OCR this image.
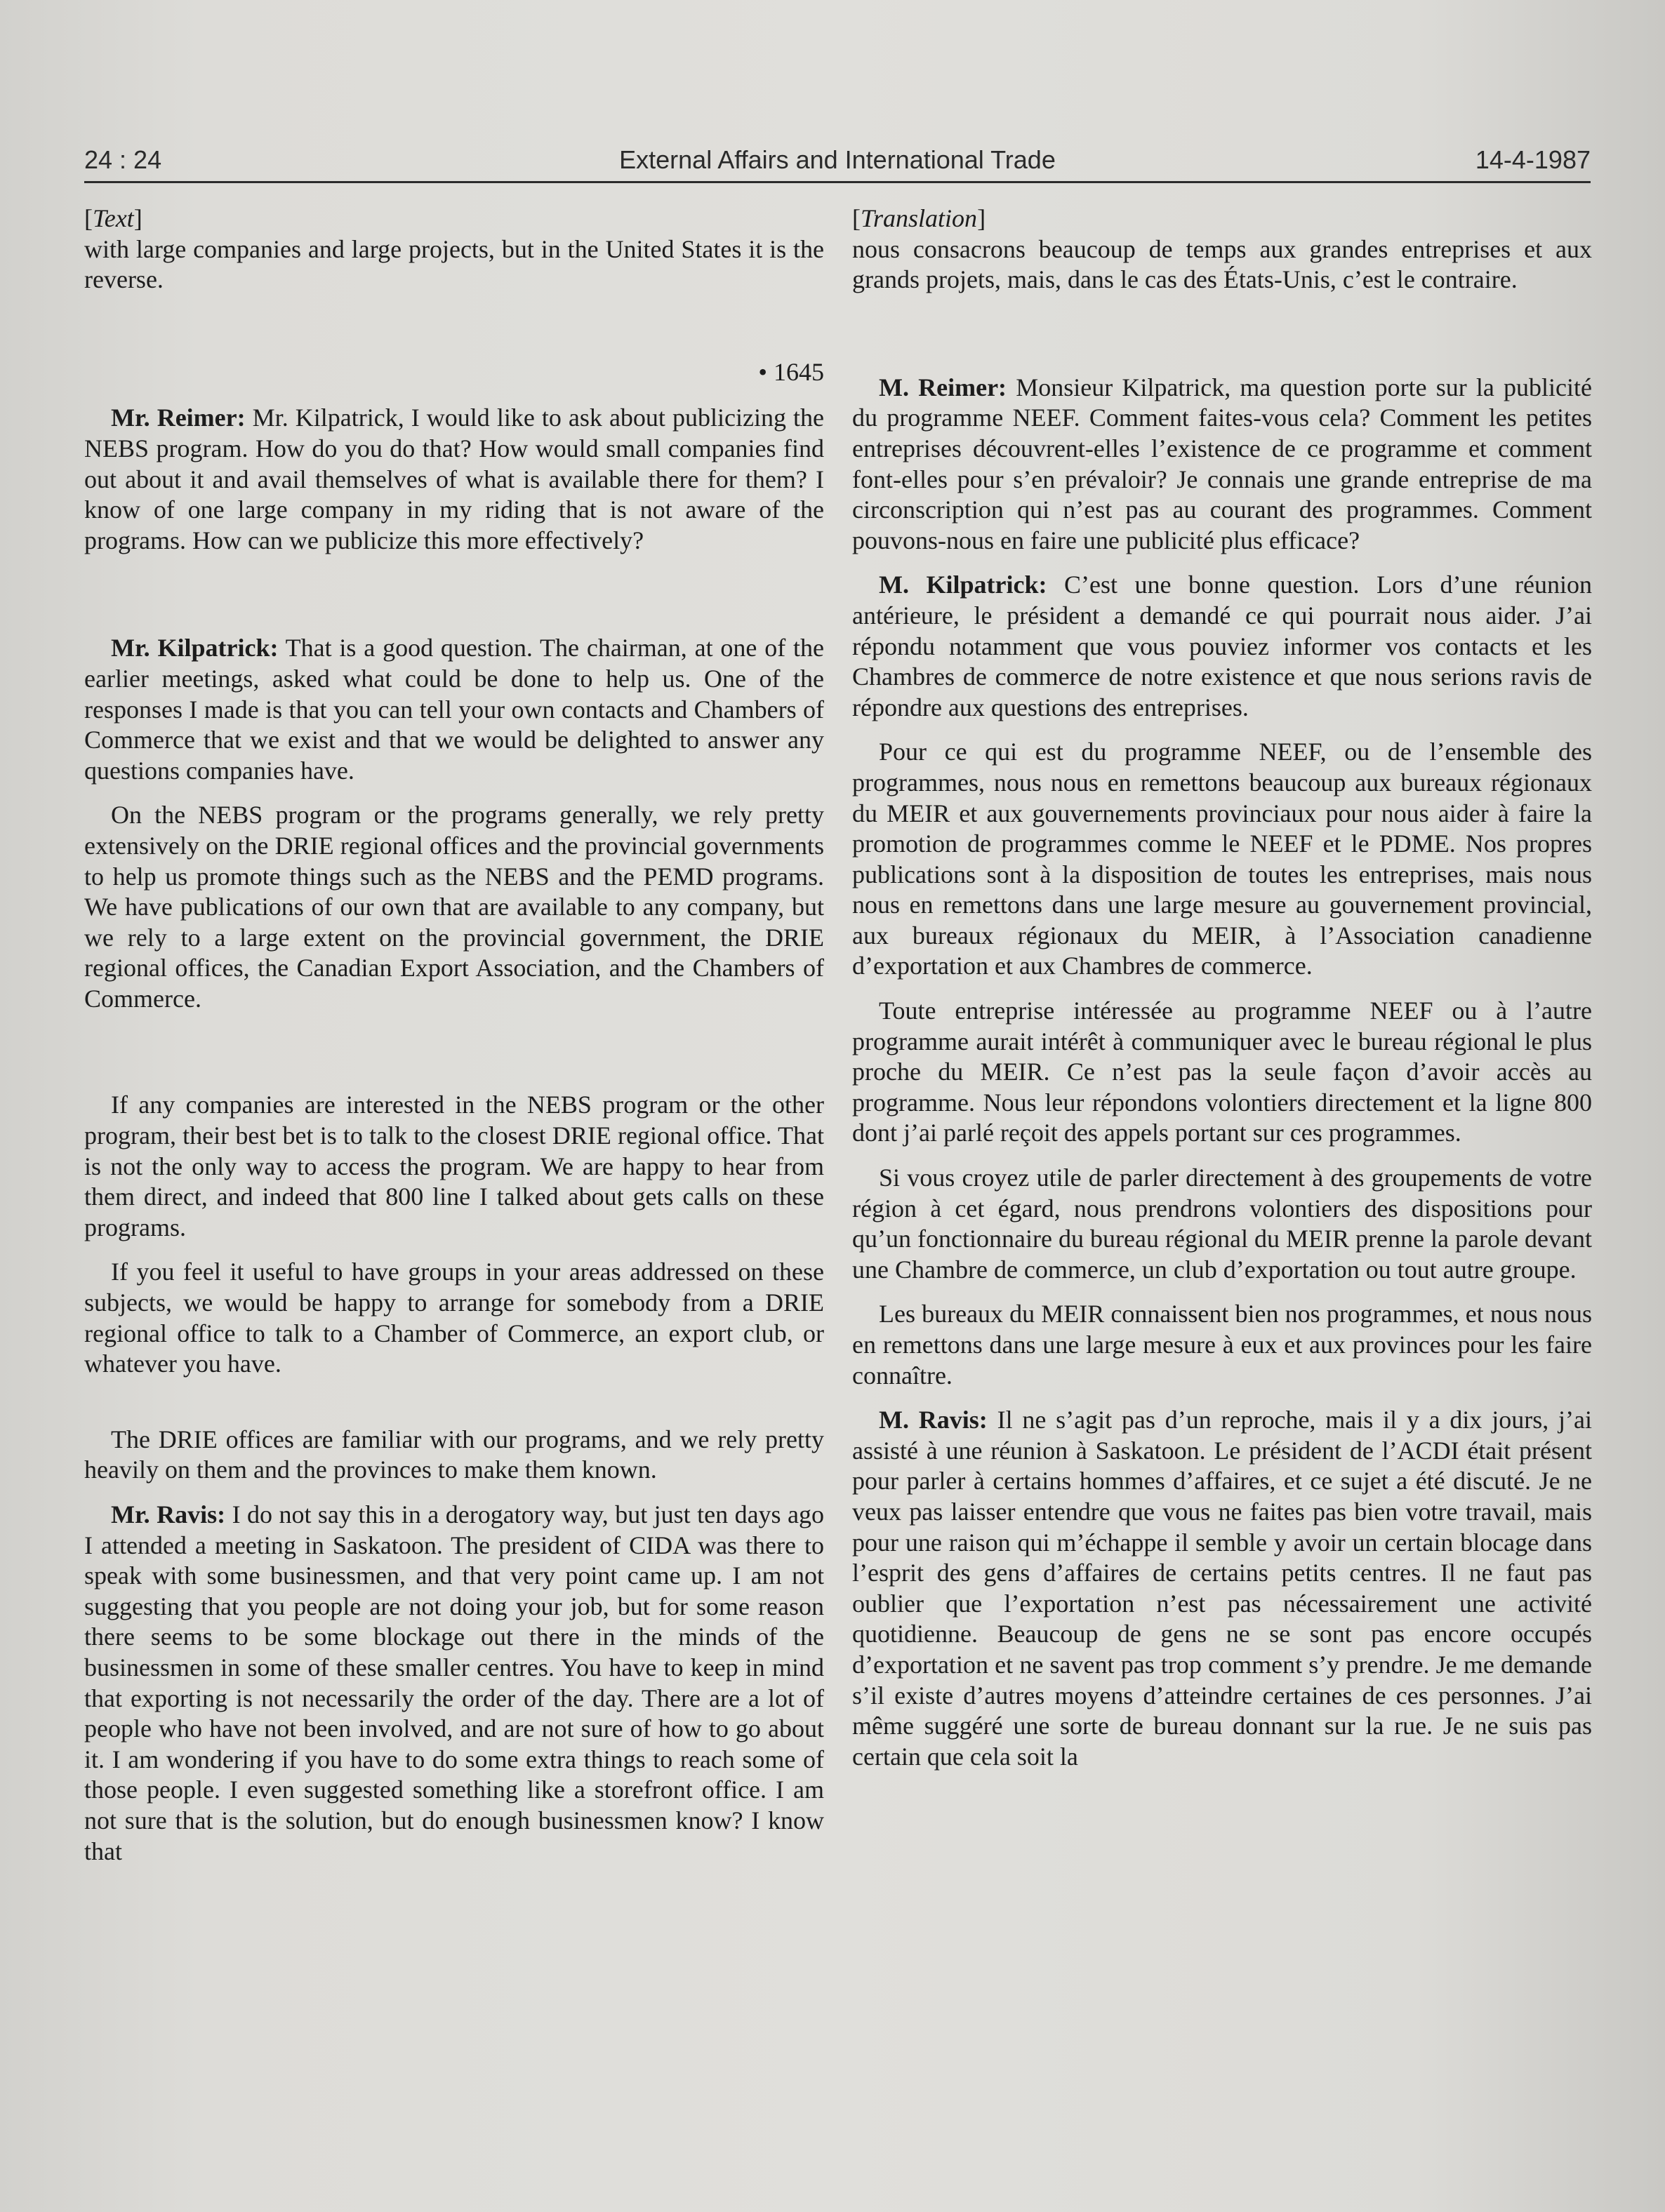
24 : 24	External Affairs and International Trade	14-4-1987

[Text]

with large companies and large projects, but in the United States it is the reverse.

• 1645

Mr. Reimer: Mr. Kilpatrick, I would like to ask about publicizing the NEBS program. How do you do that? How would small companies find out about it and avail themselves of what is available there for them? I know of one large company in my riding that is not aware of the programs. How can we publicize this more effectively?

Mr. Kilpatrick: That is a good question. The chairman, at one of the earlier meetings, asked what could be done to help us. One of the responses I made is that you can tell your own contacts and Chambers of Commerce that we exist and that we would be delighted to answer any questions companies have.

On the NEBS program or the programs generally, we rely pretty extensively on the DRIE regional offices and the provincial governments to help us promote things such as the NEBS and the PEMD programs. We have publications of our own that are available to any company, but we rely to a large extent on the provincial government, the DRIE regional offices, the Canadian Export Association, and the Chambers of Commerce.

If any companies are interested in the NEBS program or the other program, their best bet is to talk to the closest DRIE regional office. That is not the only way to access the program. We are happy to hear from them direct, and indeed that 800 line I talked about gets calls on these programs.

If you feel it useful to have groups in your areas addressed on these subjects, we would be happy to arrange for somebody from a DRIE regional office to talk to a Chamber of Commerce, an export club, or whatever you have.

The DRIE offices are familiar with our programs, and we rely pretty heavily on them and the provinces to make them known.

Mr. Ravis: I do not say this in a derogatory way, but just ten days ago I attended a meeting in Saskatoon. The president of CIDA was there to speak with some businessmen, and that very point came up. I am not suggesting that you people are not doing your job, but for some reason there seems to be some blockage out there in the minds of the businessmen in some of these smaller centres. You have to keep in mind that exporting is not necessarily the order of the day. There are a lot of people who have not been involved, and are not sure of how to go about it. I am wondering if you have to do some extra things to reach some of those people. I even suggested something like a storefront office. I am not sure that is the solution, but do enough businessmen know? I know that

[Translation]

nous consacrons beaucoup de temps aux grandes entreprises et aux grands projets, mais, dans le cas des États-Unis, c’est le contraire.

M. Reimer: Monsieur Kilpatrick, ma question porte sur la publicité du programme NEEF. Comment faites-vous cela? Comment les petites entreprises découvrent-elles l’existence de ce programme et comment font-elles pour s’en prévaloir? Je connais une grande entreprise de ma circonscription qui n’est pas au courant des programmes. Comment pouvons-nous en faire une publicité plus efficace?

M. Kilpatrick: C’est une bonne question. Lors d’une réunion antérieure, le président a demandé ce qui pourrait nous aider. J’ai répondu notamment que vous pouviez informer vos contacts et les Chambres de commerce de notre existence et que nous serions ravis de répondre aux questions des entreprises.

Pour ce qui est du programme NEEF, ou de l’ensemble des programmes, nous nous en remettons beaucoup aux bureaux régionaux du MEIR et aux gouvernements provinciaux pour nous aider à faire la promotion de programmes comme le NEEF et le PDME. Nos propres publications sont à la disposition de toutes les entreprises, mais nous nous en remettons dans une large mesure au gouvernement provincial, aux bureaux régionaux du MEIR, à l’Association canadienne d’exportation et aux Chambres de commerce.

Toute entreprise intéressée au programme NEEF ou à l’autre programme aurait intérêt à communiquer avec le bureau régional le plus proche du MEIR. Ce n’est pas la seule façon d’avoir accès au programme. Nous leur répondons volontiers directement et la ligne 800 dont j’ai parlé reçoit des appels portant sur ces programmes.

Si vous croyez utile de parler directement à des groupements de votre région à cet égard, nous prendrons volontiers des dispositions pour qu’un fonctionnaire du bureau régional du MEIR prenne la parole devant une Chambre de commerce, un club d’exportation ou tout autre groupe.

Les bureaux du MEIR connaissent bien nos programmes, et nous nous en remettons dans une large mesure à eux et aux provinces pour les faire connaître.

M. Ravis: Il ne s’agit pas d’un reproche, mais il y a dix jours, j’ai assisté à une réunion à Saskatoon. Le président de l’ACDI était présent pour parler à certains hommes d’affaires, et ce sujet a été discuté. Je ne veux pas laisser entendre que vous ne faites pas bien votre travail, mais pour une raison qui m’échappe il semble y avoir un certain blocage dans l’esprit des gens d’affaires de certains petits centres. Il ne faut pas oublier que l’exportation n’est pas nécessairement une activité quotidienne. Beaucoup de gens ne se sont pas encore occupés d’exportation et ne savent pas trop comment s’y prendre. Je me demande s’il existe d’autres moyens d’atteindre certaines de ces personnes. J’ai même suggéré une sorte de bureau donnant sur la rue. Je ne suis pas certain que cela soit la
